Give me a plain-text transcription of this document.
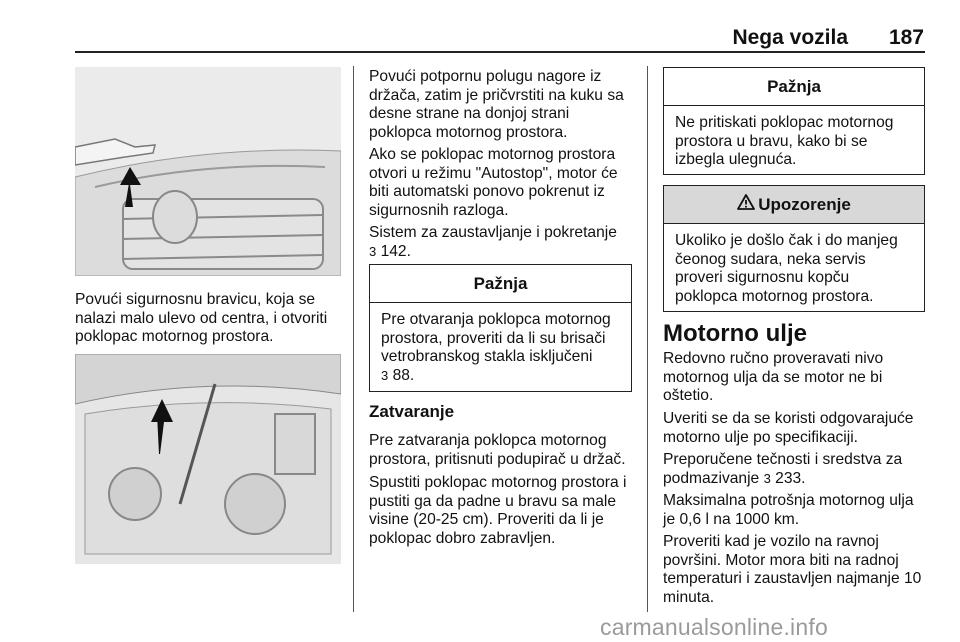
Nega vozila	187

Povući sigurnosnu bravicu, koja se nalazi malo ulevo od centra, i otvoriti poklopac motornog prostora.

Povući potpornu polugu nagore iz držača, zatim je pričvrstiti na kuku sa desne strane na donjoj strani poklopca motornog prostora.

Ako se poklopac motornog prostora otvori u režimu "Autostop", motor će biti automatski ponovo pokrenut iz sigurnosnih razloga.

Sistem za zaustavljanje i pokretanje
3 142.

Pažnja
Pre otvaranja poklopca motornog prostora, proveriti da li su brisači vetrobranskog stakla isključeni
3 88.
Zatvaranje

Pre zatvaranja poklopca motornog prostora, pritisnuti podupirač u držač.

Spustiti poklopac motornog prostora i pustiti ga da padne u bravu sa male visine (20-25 cm). Proveriti da li je poklopac dobro zabravljen.

Pažnja
Ne pritiskati poklopac motornog prostora u bravu, kako bi se izbegla ulegnuća.
Upozorenje
Ukoliko je došlo čak i do manjeg čeonog sudara, neka servis proveri sigurnosnu kopču poklopca motornog prostora.
Motorno ulje

Redovno ručno proveravati nivo motornog ulja da se motor ne bi oštetio.

Uveriti se da se koristi odgovarajuće motorno ulje po specifikaciji.

Preporučene tečnosti i sredstva za podmazivanje 3 233.

Maksimalna potrošnja motornog ulja je 0,6 l na 1000 km.

Proveriti kad je vozilo na ravnoj površini. Motor mora biti na radnoj temperaturi i zaustavljen najmanje 10 minuta.

carmanualsonline.info
